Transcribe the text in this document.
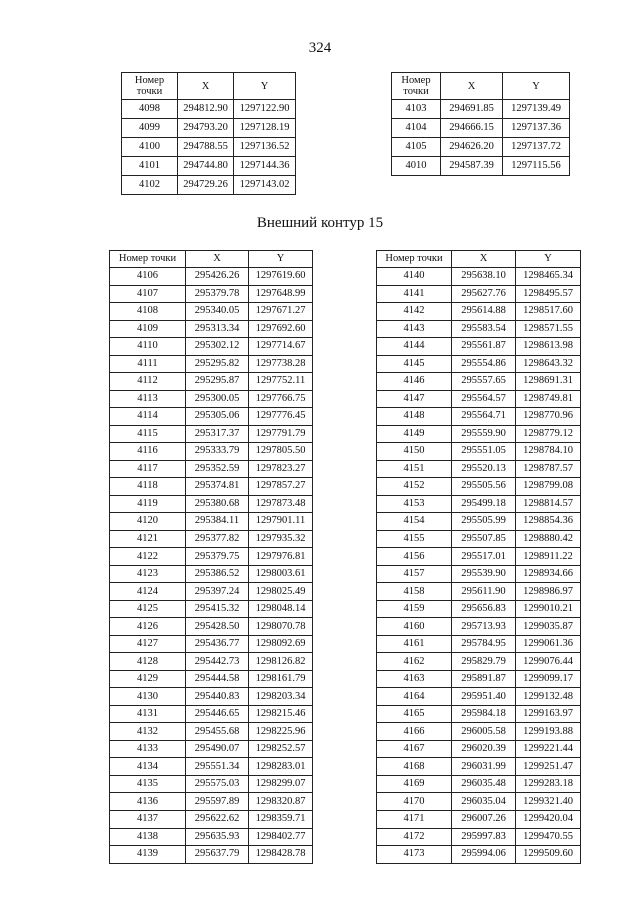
324
Номер точки	X	Y
4098	294812.90	1297122.90
4099	294793.20	1297128.19
4100	294788.55	1297136.52
4101	294744.80	1297144.36
4102	294729.26	1297143.02
Номер точки	X	Y
4103	294691.85	1297139.49
4104	294666.15	1297137.36
4105	294626.20	1297137.72
4010	294587.39	1297115.56
Внешний контур 15
Номер точки	X	Y
4106	295426.26	1297619.60
4107	295379.78	1297648.99
4108	295340.05	1297671.27
4109	295313.34	1297692.60
4110	295302.12	1297714.67
4111	295295.82	1297738.28
4112	295295.87	1297752.11
4113	295300.05	1297766.75
4114	295305.06	1297776.45
4115	295317.37	1297791.79
4116	295333.79	1297805.50
4117	295352.59	1297823.27
4118	295374.81	1297857.27
4119	295380.68	1297873.48
4120	295384.11	1297901.11
4121	295377.82	1297935.32
4122	295379.75	1297976.81
4123	295386.52	1298003.61
4124	295397.24	1298025.49
4125	295415.32	1298048.14
4126	295428.50	1298070.78
4127	295436.77	1298092.69
4128	295442.73	1298126.82
4129	295444.58	1298161.79
4130	295440.83	1298203.34
4131	295446.65	1298215.46
4132	295455.68	1298225.96
4133	295490.07	1298252.57
4134	295551.34	1298283.01
4135	295575.03	1298299.07
4136	295597.89	1298320.87
4137	295622.62	1298359.71
4138	295635.93	1298402.77
4139	295637.79	1298428.78
Номер точки	X	Y
4140	295638.10	1298465.34
4141	295627.76	1298495.57
4142	295614.88	1298517.60
4143	295583.54	1298571.55
4144	295561.87	1298613.98
4145	295554.86	1298643.32
4146	295557.65	1298691.31
4147	295564.57	1298749.81
4148	295564.71	1298770.96
4149	295559.90	1298779.12
4150	295551.05	1298784.10
4151	295520.13	1298787.57
4152	295505.56	1298799.08
4153	295499.18	1298814.57
4154	295505.99	1298854.36
4155	295507.85	1298880.42
4156	295517.01	1298911.22
4157	295539.90	1298934.66
4158	295611.90	1298986.97
4159	295656.83	1299010.21
4160	295713.93	1299035.87
4161	295784.95	1299061.36
4162	295829.79	1299076.44
4163	295891.87	1299099.17
4164	295951.40	1299132.48
4165	295984.18	1299163.97
4166	296005.58	1299193.88
4167	296020.39	1299221.44
4168	296031.99	1299251.47
4169	296035.48	1299283.18
4170	296035.04	1299321.40
4171	296007.26	1299420.04
4172	295997.83	1299470.55
4173	295994.06	1299509.60
